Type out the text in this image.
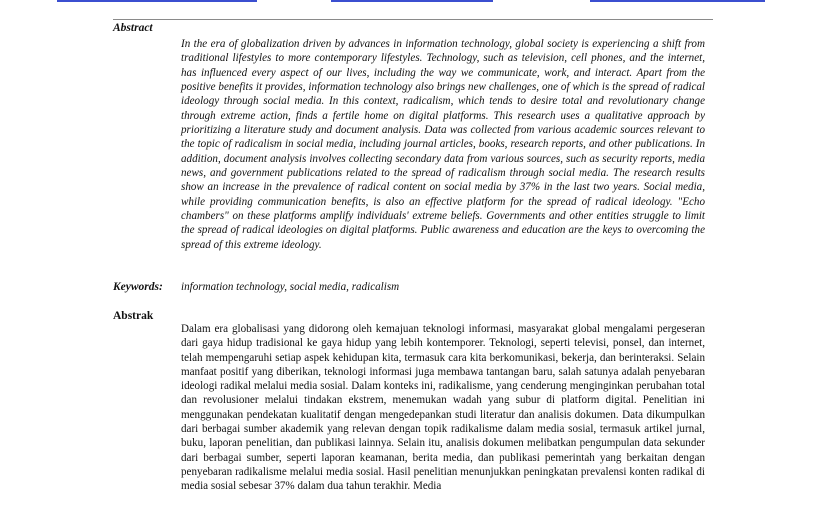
Abstract

In the era of globalization driven by advances in information technology, global society is experiencing a shift from traditional lifestyles to more contemporary lifestyles. Technology, such as television, cell phones, and the internet, has influenced every aspect of our lives, including the way we communicate, work, and interact. Apart from the positive benefits it provides, information technology also brings new challenges, one of which is the spread of radical ideology through social media. In this context, radicalism, which tends to desire total and revolutionary change through extreme action, finds a fertile home on digital platforms. This research uses a qualitative approach by prioritizing a literature study and document analysis. Data was collected from various academic sources relevant to the topic of radicalism in social media, including journal articles, books, research reports, and other publications. In addition, document analysis involves collecting secondary data from various sources, such as security reports, media news, and government publications related to the spread of radicalism through social media. The research results show an increase in the prevalence of radical content on social media by 37% in the last two years. Social media, while providing communication benefits, is also an effective platform for the spread of radical ideology. "Echo chambers" on these platforms amplify individuals' extreme beliefs. Governments and other entities struggle to limit the spread of radical ideologies on digital platforms. Public awareness and education are the keys to overcoming the spread of this extreme ideology.

Keywords: information technology, social media, radicalism
Abstrak

Dalam era globalisasi yang didorong oleh kemajuan teknologi informasi, masyarakat global mengalami pergeseran dari gaya hidup tradisional ke gaya hidup yang lebih kontemporer. Teknologi, seperti televisi, ponsel, dan internet, telah mempengaruhi setiap aspek kehidupan kita, termasuk cara kita berkomunikasi, bekerja, dan berinteraksi. Selain manfaat positif yang diberikan, teknologi informasi juga membawa tantangan baru, salah satunya adalah penyebaran ideologi radikal melalui media sosial. Dalam konteks ini, radikalisme, yang cenderung menginginkan perubahan total dan revolusioner melalui tindakan ekstrem, menemukan wadah yang subur di platform digital. Penelitian ini menggunakan pendekatan kualitatif dengan mengedepankan studi literatur dan analisis dokumen. Data dikumpulkan dari berbagai sumber akademik yang relevan dengan topik radikalisme dalam media sosial, termasuk artikel jurnal, buku, laporan penelitian, dan publikasi lainnya. Selain itu, analisis dokumen melibatkan pengumpulan data sekunder dari berbagai sumber, seperti laporan keamanan, berita media, dan publikasi pemerintah yang berkaitan dengan penyebaran radikalisme melalui media sosial. Hasil penelitian menunjukkan peningkatan prevalensi konten radikal di media sosial sebesar 37% dalam dua tahun terakhir. Media
